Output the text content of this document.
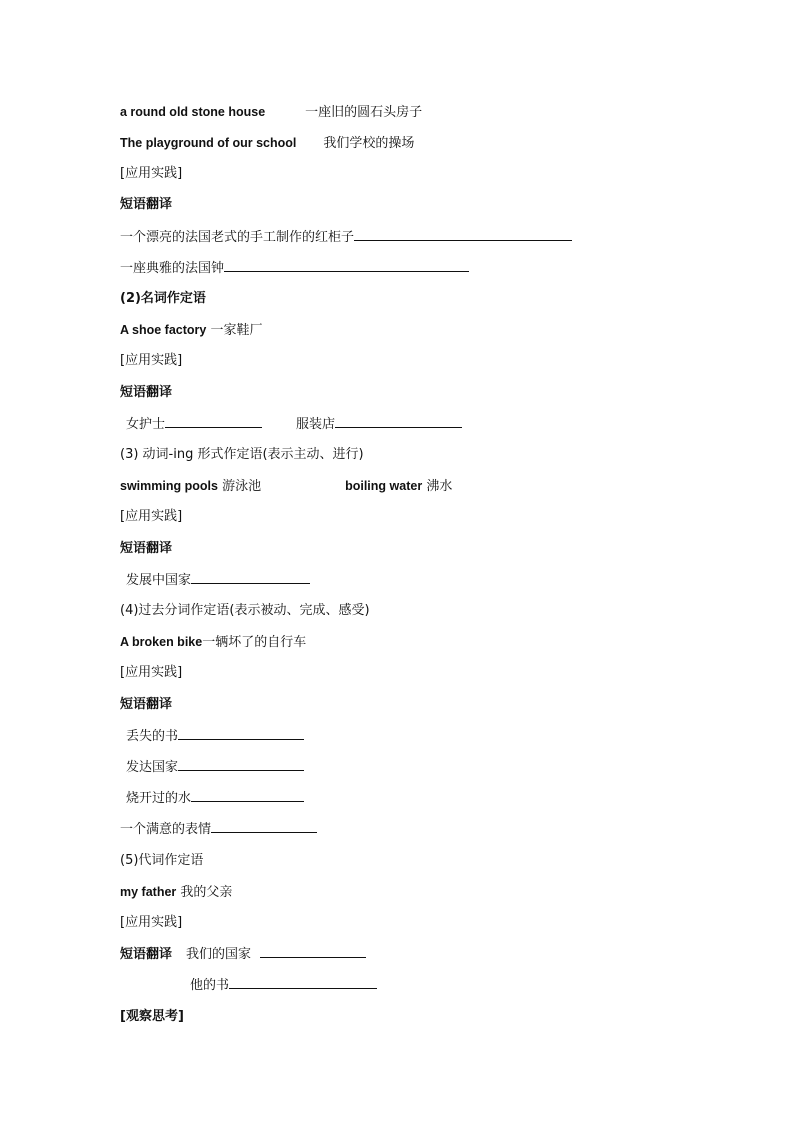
a round old stone house	一座旧的圆石头房子
The playground of our school 我们学校的操场
[应用实践]
短语翻译
一个漂亮的法国老式的手工制作的红柜子
一座典雅的法国钟
(2)名词作定语
A shoe factory 一家鞋厂
[应用实践]
短语翻译
女护士	服装店
(3) 动词-ing 形式作定语(表示主动、进行)
swimming pools 游泳池	boiling water 沸水
[应用实践]
短语翻译
发展中国家
(4)过去分词作定语(表示被动、完成、感受)
A broken bike一辆坏了的自行车
[应用实践]
短语翻译
丢失的书
发达国家
烧开过的水
一个满意的表情
(5)代词作定语
my father 我的父亲
[应用实践]
短语翻译 我们的国家
他的书
[观察思考]
